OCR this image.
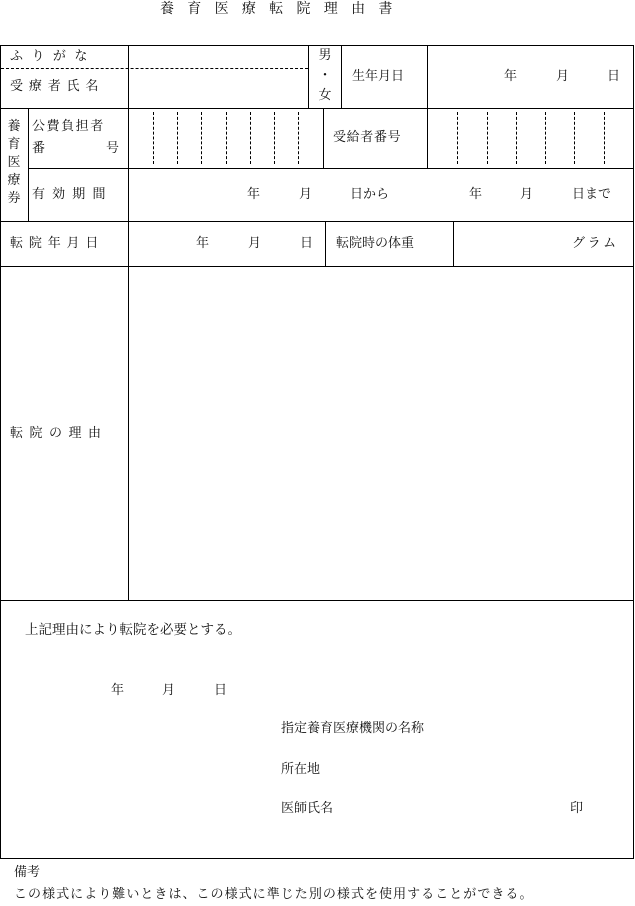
養育医療転院理由書
ふりがな
受療者氏名
男
・
女
生年月日	年	月	日
養
育
医
療
券
公費負担者
番	号
受給者番号
有効期間	年	月	日から	年	月	日まで
転院年月日	年	月	日 転院時の体重	グラム
転院の理由
上記理由により転院を必要とする。
年	月	日
指定養育医療機関の名称
所在地
医師氏名	印
備考
この様式により難いときは、この様式に準じた別の様式を使用することができる。
